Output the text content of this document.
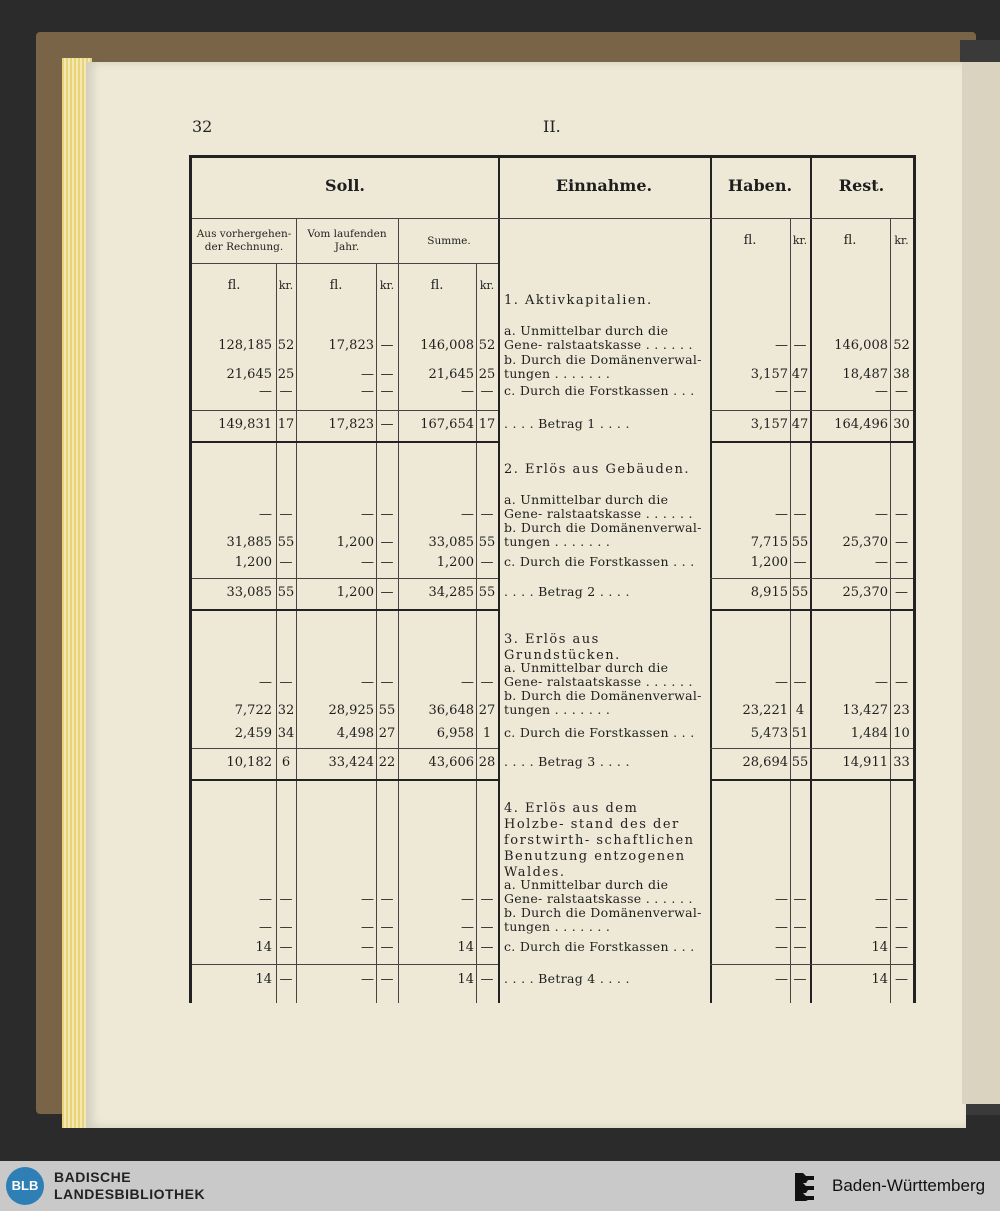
32	II.
Soll.	Einnahme.	Haben.	Rest.
Aus vorhergehen- der Rechnung.
Vom laufenden Jahr.	Summe.
fl.	kr.	fl.	kr.	fl.	kr.
fl.	kr.	fl.	kr.
1. Aktivkapitalien.
a. Unmittelbar durch die Gene- ralstaatskasse . . . . . .
128,185 52	17,823 —	146,008 52	— —	146,008 52
b. Durch die Domänenverwal- tungen . . . . . . .
21,645 25	— —	21,645 25	3,157 47	18,487 38
c. Durch die Forstkassen . . .
— —	— —	— —	— —	— —
. . . . Betrag 1 . . . .
149,831 17	17,823 —	167,654 17	3,157 47	164,496 30
2. Erlös aus Gebäuden.
a. Unmittelbar durch die Gene- ralstaatskasse . . . . . .
— —	— —	— —	— —	— —
b. Durch die Domänenverwal- tungen . . . . . . .
31,885 55	1,200 —	33,085 55	7,715 55	25,370 —
c. Durch die Forstkassen . . .
1,200 —	— —	1,200 —	1,200 —	— —
. . . . Betrag 2 . . . .
33,085 55	1,200 —	34,285 55	8,915 55	25,370 —
3. Erlös aus Grundstücken.
a. Unmittelbar durch die Gene- ralstaatskasse . . . . . .
— —	— —	— —	— —	— —
b. Durch die Domänenverwal- tungen . . . . . . .
7,722 32	28,925 55	36,648 27	23,221 4	13,427 23
c. Durch die Forstkassen . . .
2,459 34	4,498 27	6,958 1	5,473 51	1,484 10
. . . . Betrag 3 . . . .
10,182 6	33,424 22	43,606 28	28,694 55	14,911 33
4. Erlös aus dem Holzbe- stand des der forstwirth- schaftlichen Benutzung entzogenen Waldes.
a. Unmittelbar durch die Gene- ralstaatskasse . . . . . .
— —	— —	— —	— —	— —
b. Durch die Domänenverwal- tungen . . . . . . .
— —	— —	— —	— —	— —
c. Durch die Forstkassen . . .
14 —	— —	14 —	— —	14 —
. . . . Betrag 4 . . . .
14 —	— —	14 —	— —	14 —
BLB
BADISCHE
LANDESBIBLIOTHEK	Baden-Württemberg
